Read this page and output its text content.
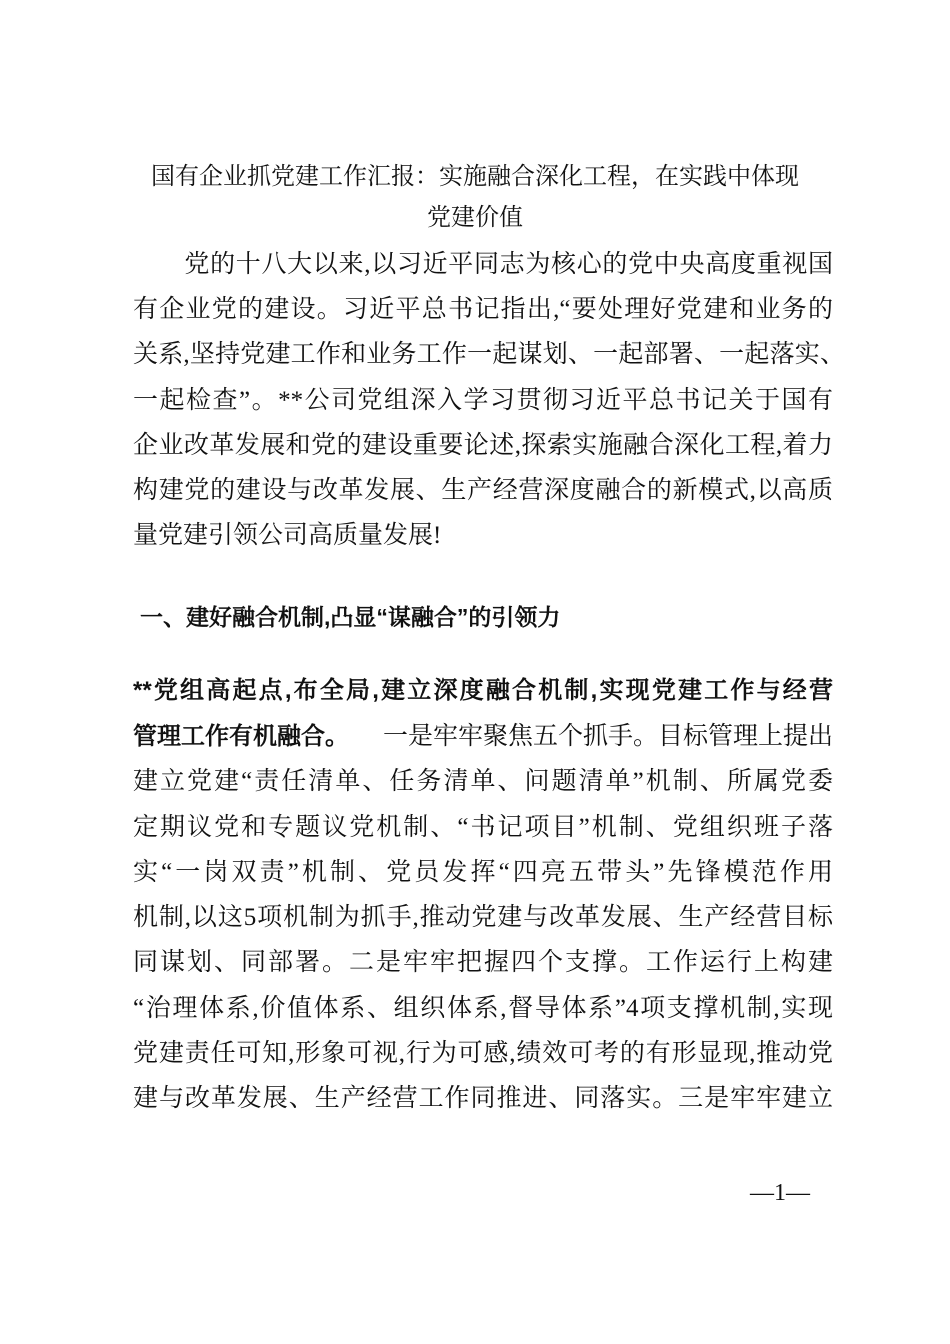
国有企业抓党建工作汇报：实施融合深化工程，在实践中体现
党建价值
　　党的十八大以来,以习近平同志为核心的党中央高度重视国
有企业党的建设。习近平总书记指出,“要处理好党建和业务的
关系,坚持党建工作和业务工作一起谋划、一起部署、一起落实、
一起检查”。**公司党组深入学习贯彻习近平总书记关于国有
企业改革发展和党的建设重要论述,探索实施融合深化工程,着力
构建党的建设与改革发展、生产经营深度融合的新模式,以高质
量党建引领公司高质量发展!
一、建好融合机制,凸显“谋融合”的引领力
**党组高起点,布全局,建立深度融合机制,实现党建工作与经营
管理工作有机融合。 一是牢牢聚焦五个抓手。目标管理上提出
建立党建“责任清单、任务清单、问题清单”机制、所属党委
定期议党和专题议党机制、“书记项目”机制、党组织班子落
实“一岗双责”机制、党员发挥“四亮五带头”先锋模范作用
机制,以这5项机制为抓手,推动党建与改革发展、生产经营目标
同谋划、同部署。二是牢牢把握四个支撑。工作运行上构建
“治理体系,价值体系、组织体系,督导体系”4项支撑机制,实现
党建责任可知,形象可视,行为可感,绩效可考的有形显现,推动党
建与改革发展、生产经营工作同推进、同落实。三是牢牢建立
—1—
